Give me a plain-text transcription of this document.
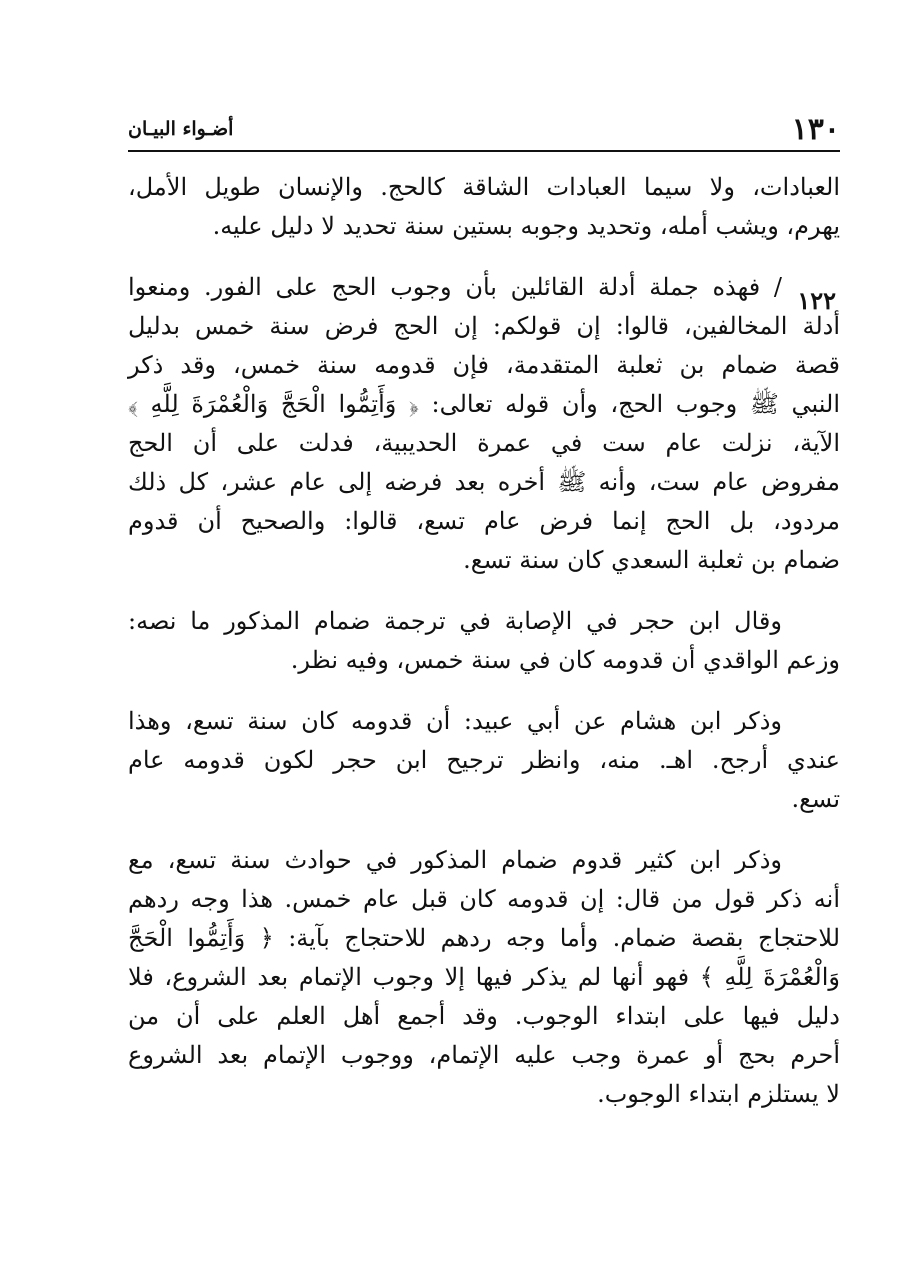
١٣٠
أضـواء البيـان
١٢٢

العبادات، ولا سيما العبادات الشاقة كالحج. والإنسان طويل الأمل،
يهرم، ويشب أمله، وتحديد وجوبه بستين سنة تحديد لا دليل عليه.

/ فهذه جملة أدلة القائلين بأن وجوب الحج على الفور. ومنعوا
أدلة المخالفين، قالوا: إن قولكم: إن الحج فرض سنة خمس بدليل
قصة ضمام بن ثعلبة المتقدمة، فإن قدومه سنة خمس، وقد ذكر
النبي ﷺ وجوب الحج، وأن قوله تعالى: ﴿ وَأَتِمُّوا الْحَجَّ وَالْعُمْرَةَ لِلَّهِ ﴾
الآية، نزلت عام ست في عمرة الحديبية، فدلت على أن الحج
مفروض عام ست، وأنه ﷺ أخره بعد فرضه إلى عام عشر، كل ذلك
مردود، بل الحج إنما فرض عام تسع، قالوا: والصحيح أن قدوم
ضمام بن ثعلبة السعدي كان سنة تسع.

وقال ابن حجر في الإصابة في ترجمة ضمام المذكور ما نصه:
وزعم الواقدي أن قدومه كان في سنة خمس، وفيه نظر.

وذكر ابن هشام عن أبي عبيد: أن قدومه كان سنة تسع، وهذا
عندي أرجح. اهـ. منه، وانظر ترجيح ابن حجر لكون قدومه عام
تسع.

وذكر ابن كثير قدوم ضمام المذكور في حوادث سنة تسع، مع
أنه ذكر قول من قال: إن قدومه كان قبل عام خمس. هذا وجه ردهم
للاحتجاج بقصة ضمام. وأما وجه ردهم للاحتجاج بآية: ﴿ وَأَتِمُّوا الْحَجَّ
وَالْعُمْرَةَ لِلَّهِ ﴾ فهو أنها لم يذكر فيها إلا وجوب الإتمام بعد الشروع، فلا
دليل فيها على ابتداء الوجوب. وقد أجمع أهل العلم على أن من
أحرم بحج أو عمرة وجب عليه الإتمام، ووجوب الإتمام بعد الشروع
لا يستلزم ابتداء الوجوب.
